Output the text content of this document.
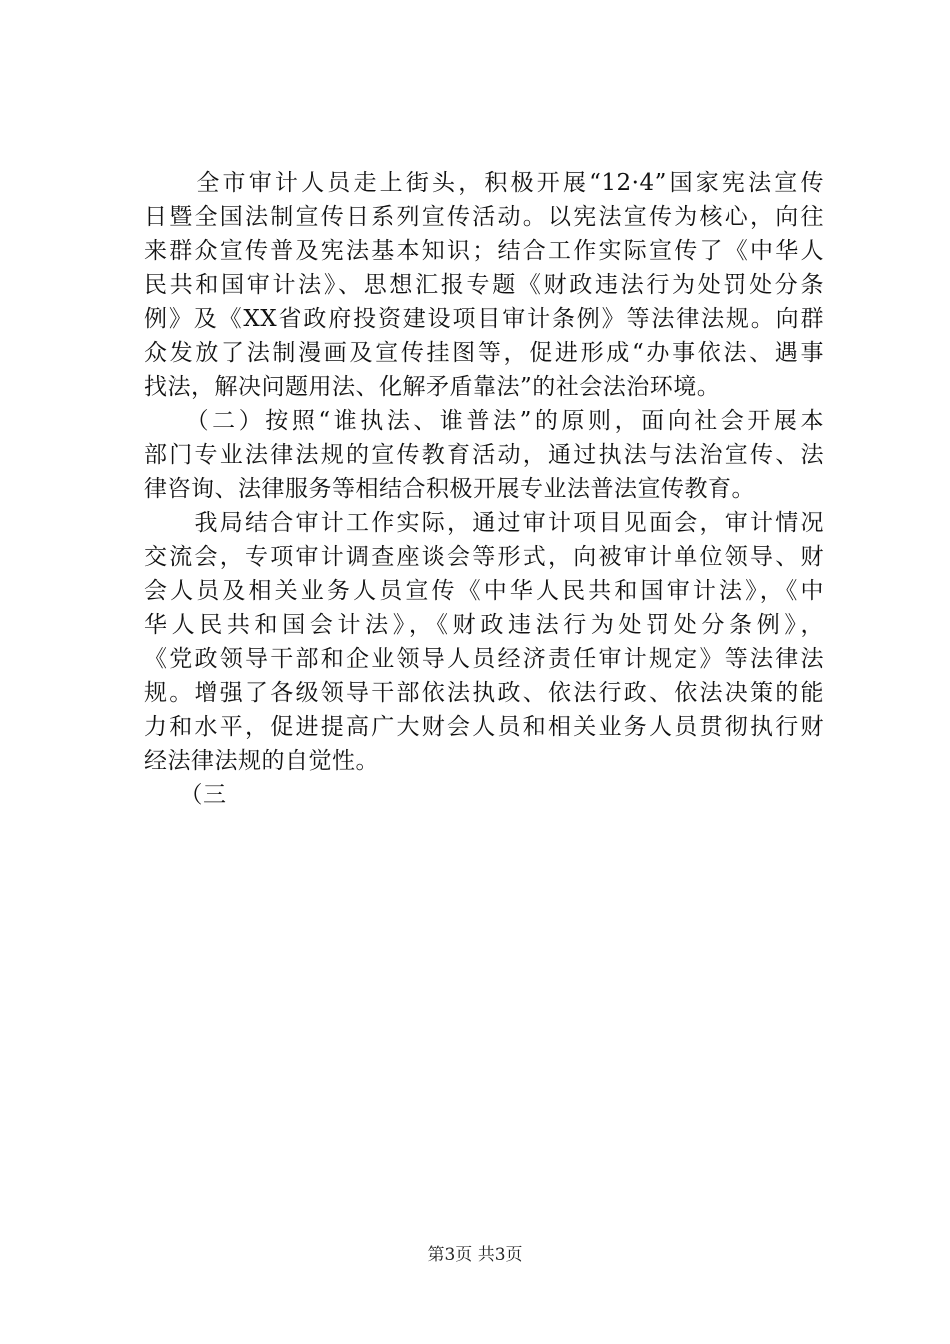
　　全市审计人员走上街头，积极开展“12·4”国家宪法宣传
日暨全国法制宣传日系列宣传活动。以宪法宣传为核心，向往
来群众宣传普及宪法基本知识；结合工作实际宣传了《中华人
民共和国审计法》、思想汇报专题《财政违法行为处罚处分条
例》及《XX省政府投资建设项目审计条例》等法律法规。向群
众发放了法制漫画及宣传挂图等，促进形成“办事依法、遇事
找法，解决问题用法、化解矛盾靠法”的社会法治环境。
　　（二）按照“谁执法、谁普法”的原则，面向社会开展本
部门专业法律法规的宣传教育活动，通过执法与法治宣传、法
律咨询、法律服务等相结合积极开展专业法普法宣传教育。
　　我局结合审计工作实际，通过审计项目见面会，审计情况
交流会，专项审计调查座谈会等形式，向被审计单位领导、财
会人员及相关业务人员宣传《中华人民共和国审计法》，《中
华人民共和国会计法》，《财政违法行为处罚处分条例》，
《党政领导干部和企业领导人员经济责任审计规定》等法律法
规。增强了各级领导干部依法执政、依法行政、依法决策的能
力和水平，促进提高广大财会人员和相关业务人员贯彻执行财
经法律法规的自觉性。
　　（三
第3页 共3页
